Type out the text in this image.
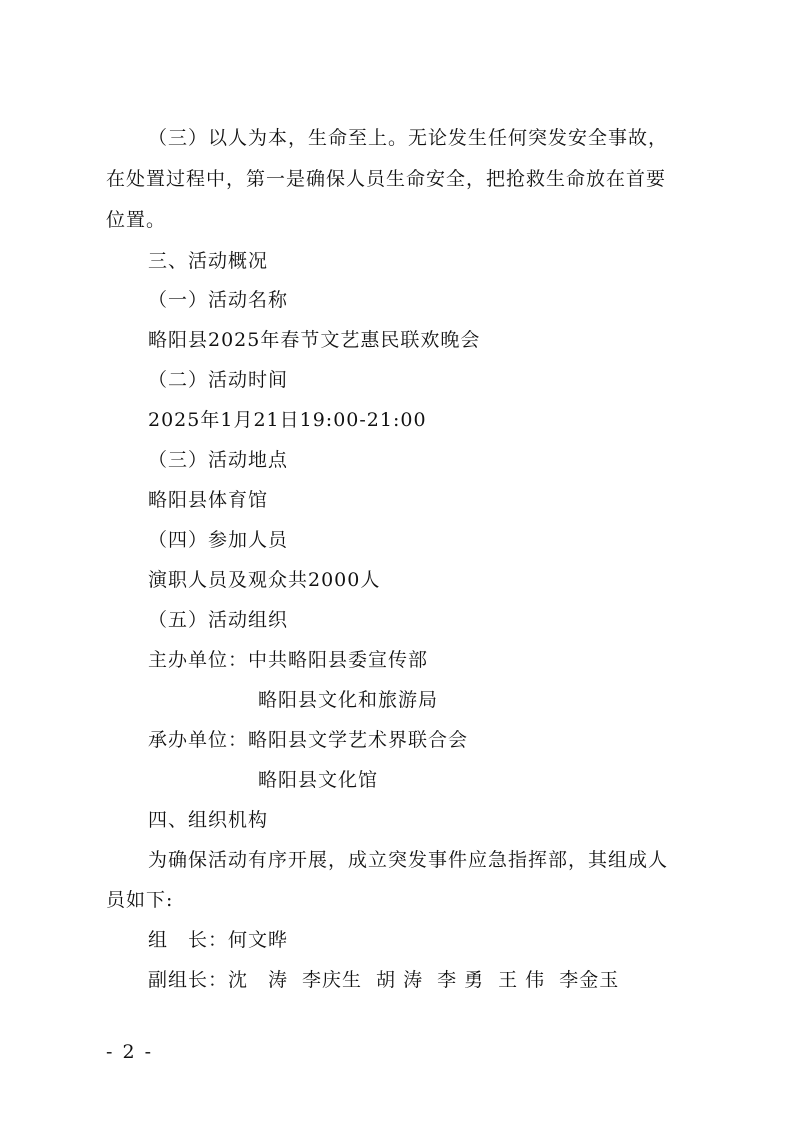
（三）以人为本，生命至上。无论发生任何突发安全事故，
在处置过程中，第一是确保人员生命安全，把抢救生命放在首要
位置。
三、活动概况
（一）活动名称
略阳县2025年春节文艺惠民联欢晚会
（二）活动时间
2025年1月21日19:00-21:00
（三）活动地点
略阳县体育馆
（四）参加人员
演职人员及观众共2000人
（五）活动组织
主办单位：中共略阳县委宣传部
略阳县文化和旅游局
承办单位：略阳县文学艺术界联合会
略阳县文化馆
四、组织机构
为确保活动有序开展，成立突发事件应急指挥部，其组成人
员如下:
组　长：何文晔
副组长：沈　涛 李庆生 胡 涛 李 勇 王 伟 李金玉
- 2 -
